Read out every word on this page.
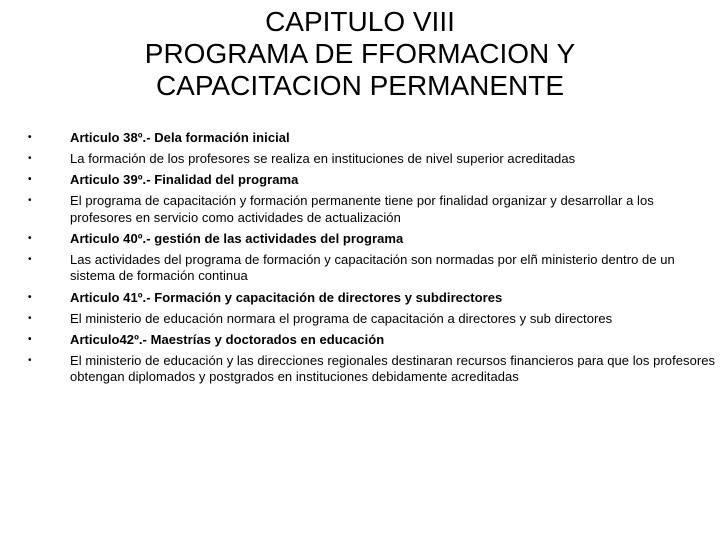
CAPITULO VIII
PROGRAMA DE FFORMACION Y
CAPACITACION PERMANENTE
•	Articulo 38º.- Dela formación inicial
•	La formación de los profesores se realiza en instituciones de nivel superior acreditadas
•	Articulo 39º.- Finalidad del programa
•	El programa de capacitación y formación permanente tiene por finalidad organizar y desarrollar a los profesores en servicio como actividades de actualización
•	Articulo 40º.- gestión de las actividades del programa
•	Las actividades del programa de formación y capacitación son normadas por elñ ministerio dentro de un sistema de formación continua
•	Articulo 41º.- Formación y capacitación de directores y subdirectores
•	El ministerio de educación normara el programa de capacitación a directores y sub directores
•	Articulo42º.- Maestrías y doctorados en educación
•	El ministerio de educación y las direcciones regionales destinaran recursos financieros para que los profesores obtengan diplomados y postgrados en instituciones debidamente acreditadas
